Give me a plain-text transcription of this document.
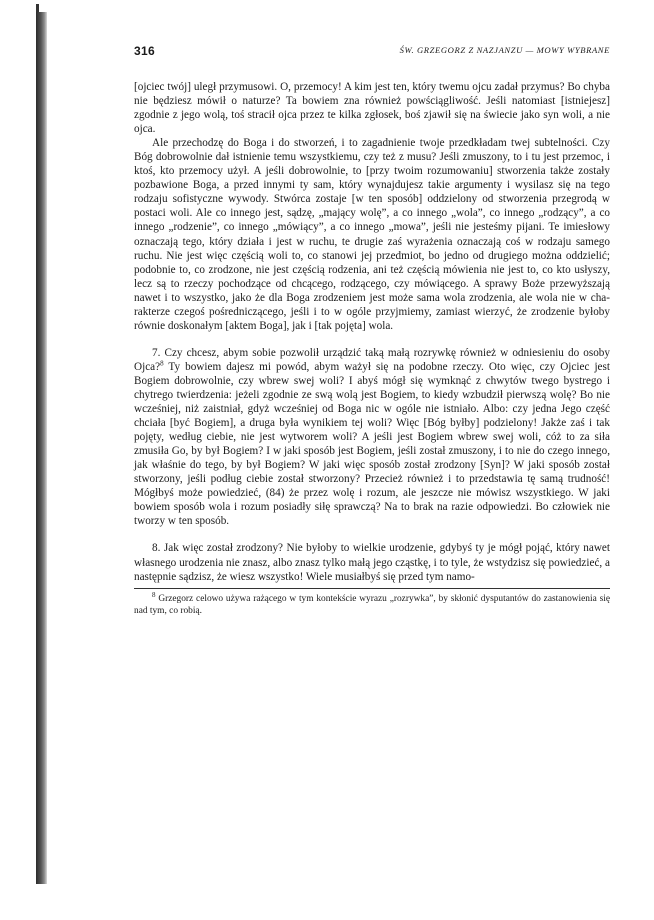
316	ŚW. GRZEGORZ Z NAZJANZU — MOWY WYBRANE

[ojciec twój] uległ przymusowi. O, przemocy! A kim jest ten, który twemu ojcu zadał przymus? Bo chyba nie będziesz mówił o naturze? Ta bowiem zna również powściągliwość. Jeśli natomiast [istniejesz] zgodnie z jego wolą, toś stracił ojca przez te kilka zgłosek, boś zjawił się na świecie jako syn woli, a nie ojca.

Ale przechodzę do Boga i do stworzeń, i to zagadnienie twoje przedkładam twej subtelności. Czy Bóg dobrowolnie dał istnienie temu wszystkiemu, czy też z musu? Jeśli zmuszony, to i tu jest przemoc, i ktoś, kto przemocy użył. A jeśli dobrowolnie, to [przy twoim rozumowaniu] stworzenia także zostały pozbawione Boga, a przed innymi ty sam, który wynajdujesz takie argumenty i wysilasz się na tego rodzaju sofistyczne wywody. Stwórca zostaje [w ten sposób] oddzielony od stworzenia przegrodą w postaci woli. Ale co innego jest, sądzę, „mający wolę”, a co innego „wola”, co innego „rodzący”, a co innego „rodzenie”, co innego „mówiący”, a co innego „mowa”, jeśli nie jesteśmy pijani. Te imiesłowy oznaczają tego, który działa i jest w ruchu, te drugie zaś wyrażenia oznaczają coś w rodzaju samego ruchu. Nie jest więc częścią woli to, co stanowi jej przedmiot, bo jedno od drugiego można oddzielić; podobnie to, co zrodzone, nie jest częścią rodzenia, ani też częścią mówienia nie jest to, co kto usłyszy, lecz są to rzeczy pochodzące od chcącego, rodzącego, czy mówiącego. A sprawy Boże przewyższają nawet i to wszystko, jako że dla Boga zrodzeniem jest może sama wola zrodzenia, ale wola nie w charakterze czegoś pośredniczącego, jeśli i to w ogóle przyjmiemy, zamiast wierzyć, że zrodzenie byłoby równie doskonałym [aktem Boga], jak i [tak pojęta] wola.

7. Czy chcesz, abym sobie pozwolił urządzić taką małą rozrywkę również w odniesieniu do osoby Ojca?$^8$ Ty bowiem dajesz mi powód, abym ważył się na podobne rzeczy. Oto więc, czy Ojciec jest Bogiem dobrowolnie, czy wbrew swej woli? I abyś mógł się wymknąć z chwytów twego bystrego i chytrego twierdzenia: jeżeli zgodnie ze swą wolą jest Bogiem, to kiedy wzbudził pierwszą wolę? Bo nie wcześniej, niż zaistniał, gdyż wcześniej od Boga nic w ogóle nie istniało. Albo: czy jedna Jego część chciała [być Bogiem], a druga była wynikiem tej woli? Więc [Bóg byłby] podzielony! Jakże zaś i tak pojęty, według ciebie, nie jest wytworem woli? A jeśli jest Bogiem wbrew swej woli, cóż to za siła zmusiła Go, by był Bogiem? I w jaki sposób jest Bogiem, jeśli został zmuszony, i to nie do czego innego, jak właśnie do tego, by był Bogiem? W jaki więc sposób został zrodzony [Syn]? W jaki sposób został stworzony, jeśli podług ciebie został stworzony? Przecież również i to przedstawia tę samą trudność! Mógłbyś może powiedzieć, (84) że przez wolę i rozum, ale jeszcze nie mówisz wszystkiego. W jaki bowiem sposób wola i rozum posiadły siłę sprawczą? Na to brak na razie odpowiedzi. Bo człowiek nie tworzy w ten sposób.

8. Jak więc został zrodzony? Nie byłoby to wielkie urodzenie, gdybyś ty je mógł pojąć, który nawet własnego urodzenia nie znasz, albo znasz tylko małą jego cząstkę, i to tyle, że wstydzisz się powiedzieć, a następnie sądzisz, że wiesz wszystko! Wiele musiałbyś się przed tym namo-

$^8$ Grzegorz celowo używa rażącego w tym kontekście wyrazu „rozrywka”, by skłonić dysputantów do zastanowienia się nad tym, co robią.
